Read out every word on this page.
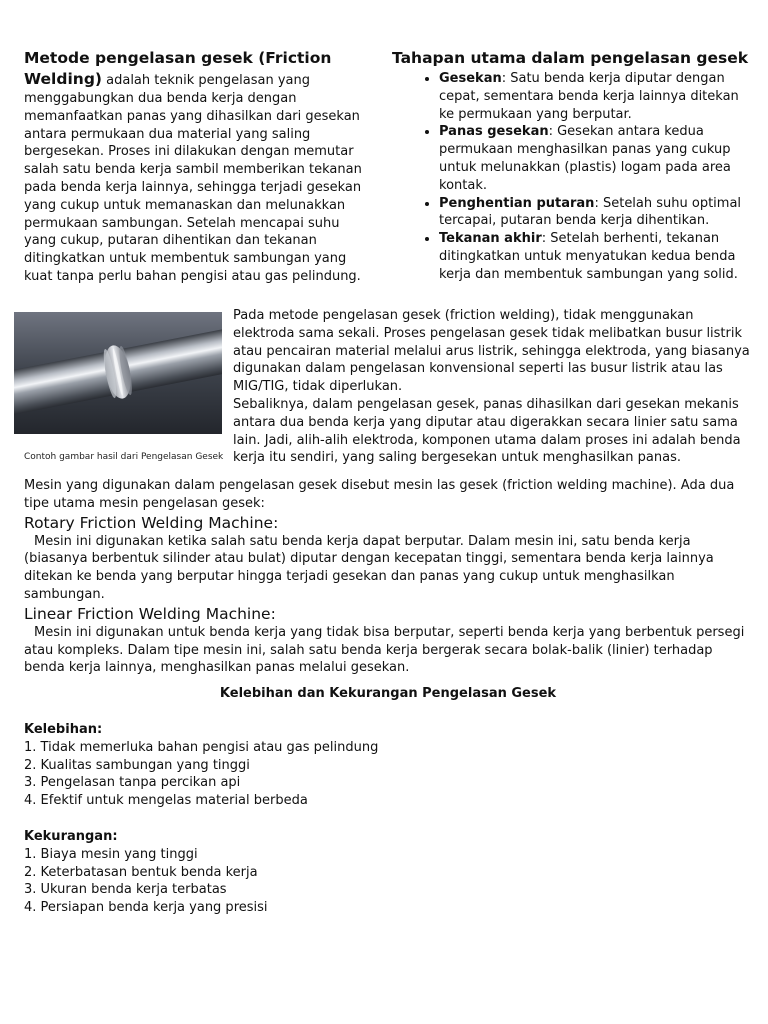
Metode pengelasan gesek (Friction Welding) adalah teknik pengelasan yang menggabungkan dua benda kerja dengan memanfaatkan panas yang dihasilkan dari gesekan antara permukaan dua material yang saling bergesekan. Proses ini dilakukan dengan memutar salah satu benda kerja sambil memberikan tekanan pada benda kerja lainnya, sehingga terjadi gesekan yang cukup untuk memanaskan dan melunakkan permukaan sambungan. Setelah mencapai suhu yang cukup, putaran dihentikan dan tekanan ditingkatkan untuk membentuk sambungan yang kuat tanpa perlu bahan pengisi atau gas pelindung.

Tahapan utama dalam pengelasan gesek
• Gesekan: Satu benda kerja diputar dengan cepat, sementara benda kerja lainnya ditekan ke permukaan yang berputar.
• Panas gesekan: Gesekan antara kedua permukaan menghasilkan panas yang cukup untuk melunakkan (plastis) logam pada area kontak.
• Penghentian putaran: Setelah suhu optimal tercapai, putaran benda kerja dihentikan.
• Tekanan akhir: Setelah berhenti, tekanan ditingkatkan untuk menyatukan kedua benda kerja dan membentuk sambungan yang solid.
Contoh gambar hasil dari Pengelasan Gesek

Pada metode pengelasan gesek (friction welding), tidak menggunakan elektroda sama sekali. Proses pengelasan gesek tidak melibatkan busur listrik atau pencairan material melalui arus listrik, sehingga elektroda, yang biasanya digunakan dalam pengelasan konvensional seperti las busur listrik atau las MIG/TIG, tidak diperlukan.

Sebaliknya, dalam pengelasan gesek, panas dihasilkan dari gesekan mekanis antara dua benda kerja yang diputar atau digerakkan secara linier satu sama lain. Jadi, alih-alih elektroda, komponen utama dalam proses ini adalah benda kerja itu sendiri, yang saling bergesekan untuk menghasilkan panas.

Mesin yang digunakan dalam pengelasan gesek disebut mesin las gesek (friction welding machine). Ada dua tipe utama mesin pengelasan gesek:

Rotary Friction Welding Machine:

Mesin ini digunakan ketika salah satu benda kerja dapat berputar. Dalam mesin ini, satu benda kerja (biasanya berbentuk silinder atau bulat) diputar dengan kecepatan tinggi, sementara benda kerja lainnya ditekan ke benda yang berputar hingga terjadi gesekan dan panas yang cukup untuk menghasilkan sambungan.

Linear Friction Welding Machine:

Mesin ini digunakan untuk benda kerja yang tidak bisa berputar, seperti benda kerja yang berbentuk persegi atau kompleks. Dalam tipe mesin ini, salah satu benda kerja bergerak secara bolak-balik (linier) terhadap benda kerja lainnya, menghasilkan panas melalui gesekan.

Kelebihan dan Kekurangan Pengelasan Gesek

Kelebihan:

1. Tidak memerluka bahan pengisi atau gas pelindung
2. Kualitas sambungan yang tinggi
3. Pengelasan tanpa percikan api
4. Efektif untuk mengelas material berbeda

Kekurangan:

1. Biaya mesin yang tinggi
2. Keterbatasan bentuk benda kerja
3. Ukuran benda kerja terbatas
4. Persiapan benda kerja yang presisi
